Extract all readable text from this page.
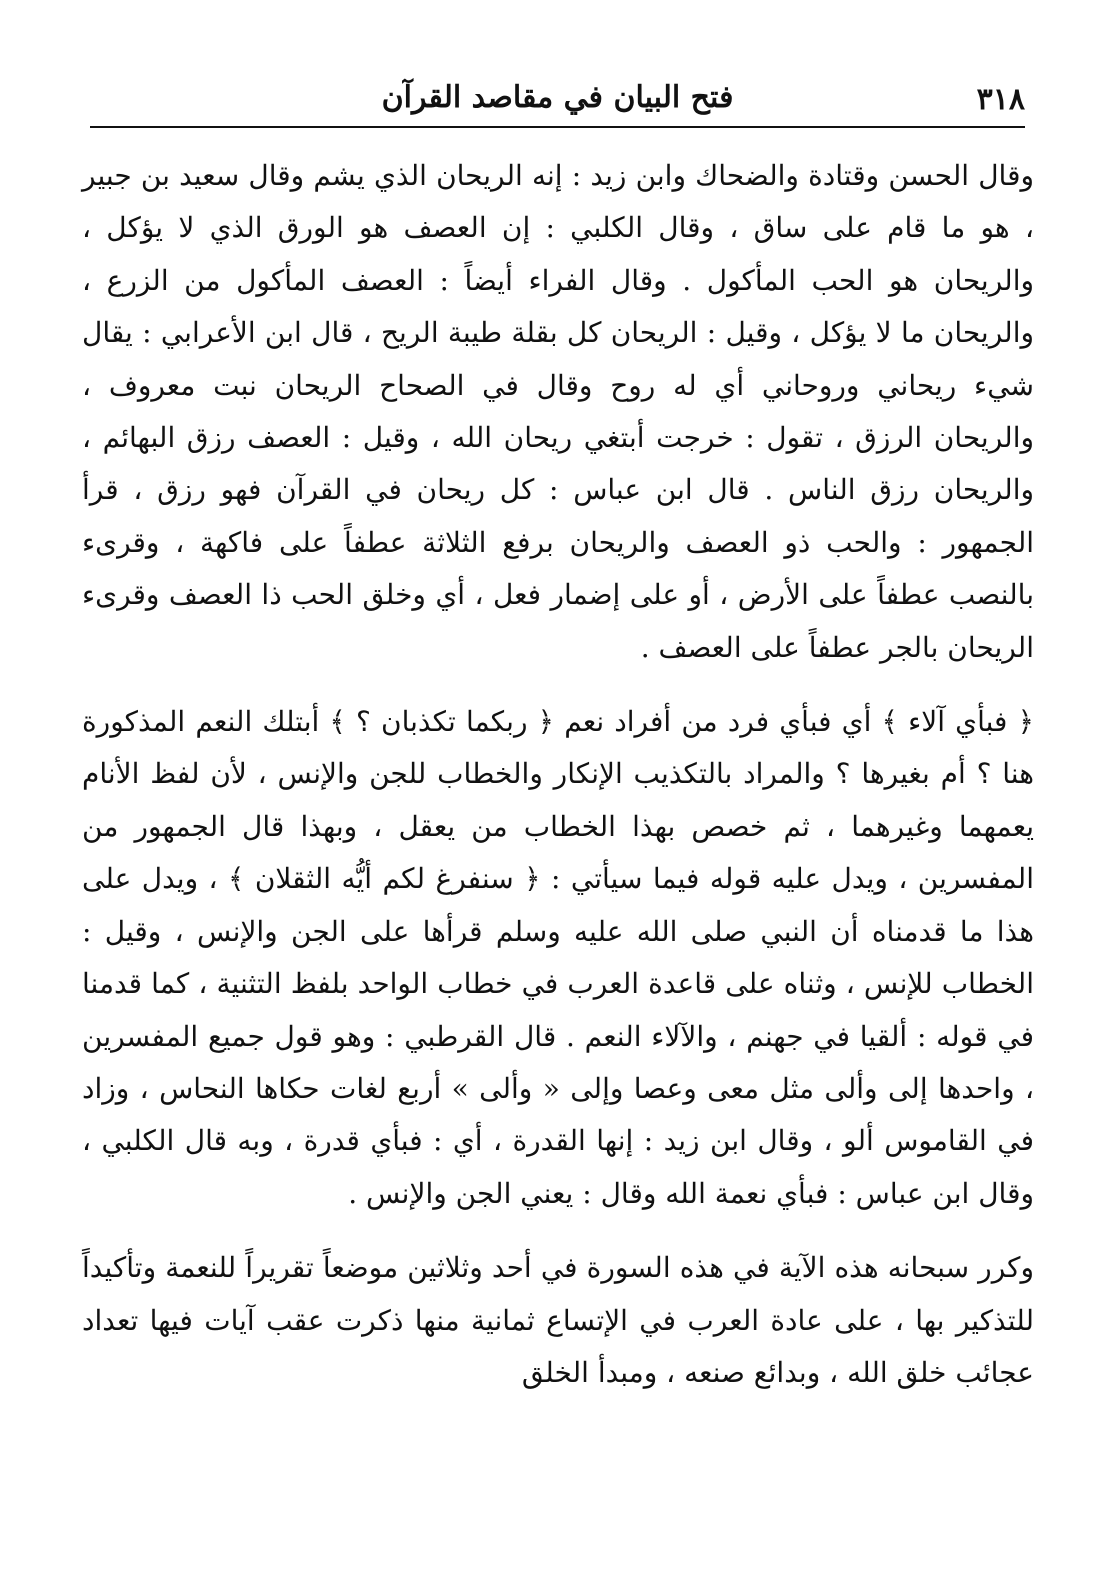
٣١٨
فتح البيان في مقاصد القرآن

وقال الحسن وقتادة والضحاك وابن زيد : إنه الريحان الذي يشم وقال سعيد بن جبير ، هو ما قام على ساق ، وقال الكلبي : إن العصف هو الورق الذي لا يؤكل ، والريحان هو الحب المأكول . وقال الفراء أيضاً : العصف المأكول من الزرع ، والريحان ما لا يؤكل ، وقيل : الريحان كل بقلة طيبة الريح ، قال ابن الأعرابي : يقال شيء ريحاني وروحاني أي له روح وقال في الصحاح الريحان نبت معروف ، والريحان الرزق ، تقول : خرجت أبتغي ريحان الله ، وقيل : العصف رزق البهائم ، والريحان رزق الناس . قال ابن عباس : كل ريحان في القرآن فهو رزق ، قرأ الجمهور : والحب ذو العصف والريحان برفع الثلاثة عطفاً على فاكهة ، وقرىء بالنصب عطفاً على الأرض ، أو على إضمار فعل ، أي وخلق الحب ذا العصف وقرىء الريحان بالجر عطفاً على العصف .

﴿ فبأي آلاء ﴾ أي فبأي فرد من أفراد نعم ﴿ ربكما تكذبان ؟ ﴾ أبتلك النعم المذكورة هنا ؟ أم بغيرها ؟ والمراد بالتكذيب الإنكار والخطاب للجن والإنس ، لأن لفظ الأنام يعمهما وغيرهما ، ثم خصص بهذا الخطاب من يعقل ، وبهذا قال الجمهور من المفسرين ، ويدل عليه قوله فيما سيأتي : ﴿ سنفرغ لكم أيُّه الثقلان ﴾ ، ويدل على هذا ما قدمناه أن النبي صلى الله عليه وسلم قرأها على الجن والإنس ، وقيل : الخطاب للإنس ، وثناه على قاعدة العرب في خطاب الواحد بلفظ التثنية ، كما قدمنا في قوله : ألقيا في جهنم ، والآلاء النعم . قال القرطبي : وهو قول جميع المفسرين ، واحدها إلى وألى مثل معى وعصا وإلى « وألى » أربع لغات حكاها النحاس ، وزاد في القاموس ألو ، وقال ابن زيد : إنها القدرة ، أي : فبأي قدرة ، وبه قال الكلبي ، وقال ابن عباس : فبأي نعمة الله وقال : يعني الجن والإنس .

وكرر سبحانه هذه الآية في هذه السورة في أحد وثلاثين موضعاً تقريراً للنعمة وتأكيداً للتذكير بها ، على عادة العرب في الإتساع ثمانية منها ذكرت عقب آيات فيها تعداد عجائب خلق الله ، وبدائع صنعه ، ومبدأ الخلق
